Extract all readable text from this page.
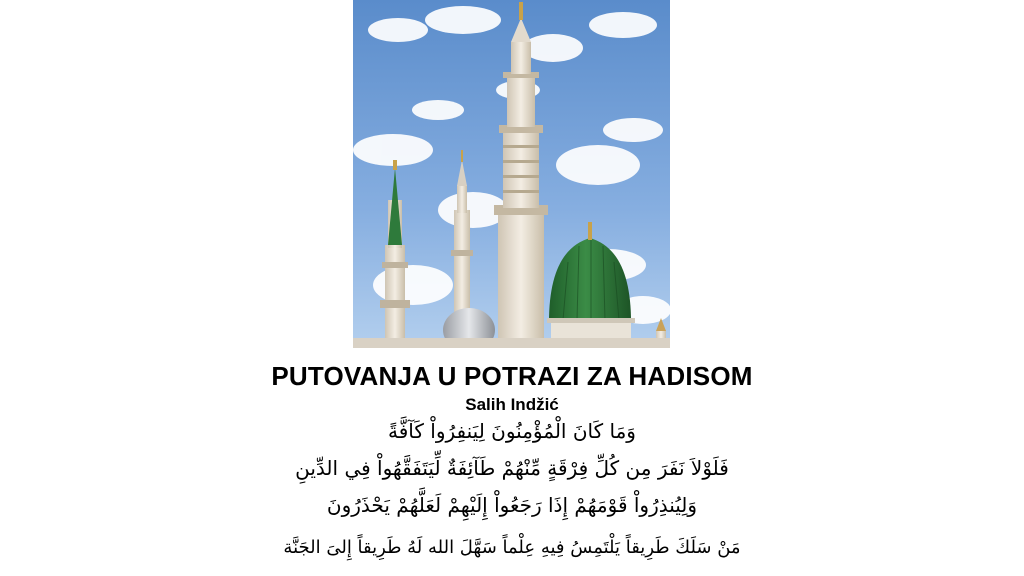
PUTOVANJA U POTRAZI ZA HADISOM
Salih Indžić
وَمَا كَانَ الْمُؤْمِنُونَ لِيَنفِرُواْ كَآفَّةً
فَلَوْلاَ نَفَرَ مِن كُلِّ فِرْقَةٍ مِّنْهُمْ طَآئِفَةٌ لِّيَتَفَقَّهُواْ فِي الدِّينِ
وَلِيُنذِرُواْ قَوْمَهُمْ إِذَا رَجَعُواْ إِلَيْهِمْ لَعَلَّهُمْ يَحْذَرُونَ
مَنْ سَلَكَ طَرِيقاً يَلْتَمِسُ فِيهِ عِلْماً سَهَّلَ الله لَهُ طَرِيقاً إِلىَ الجَنَّة
